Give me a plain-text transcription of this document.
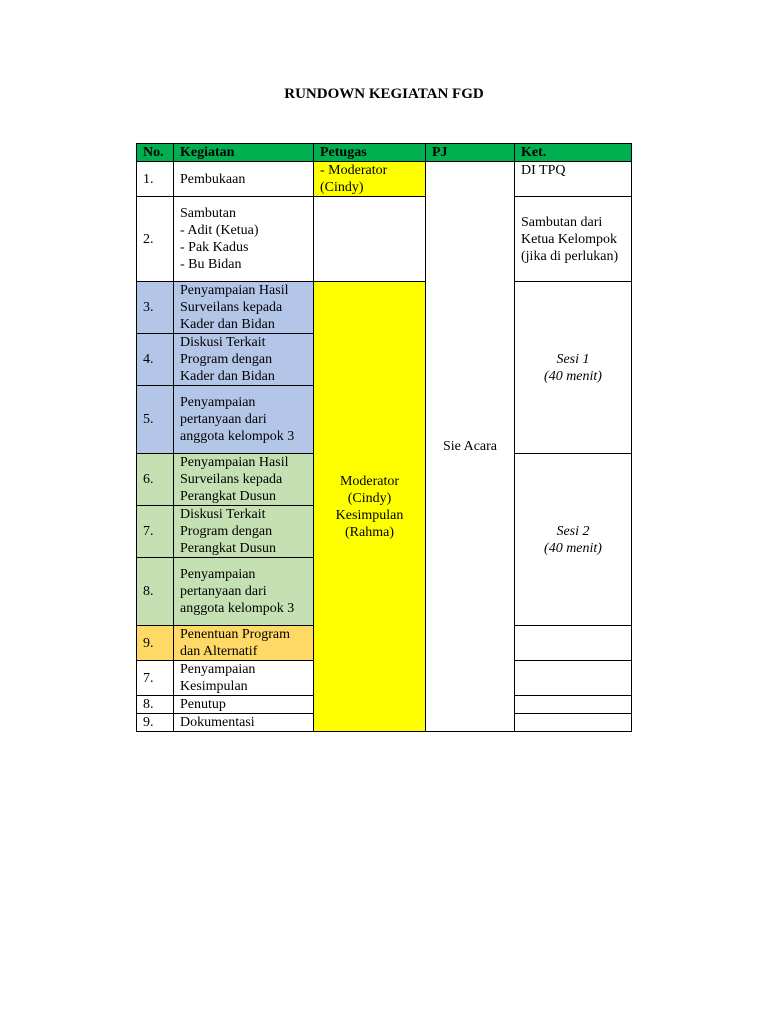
RUNDOWN KEGIATAN FGD
No.	Kegiatan	Petugas	PJ	Ket.
1.	Pembukaan	- Moderator (Cindy)	Sie Acara	DI TPQ
2.	Sambutan
- Adit (Ketua)
- Pak Kadus
- Bu Bidan			Sambutan dari Ketua Kelompok (jika di perlukan)
3.	Penyampaian Hasil Surveilans kepada Kader dan Bidan	Moderator
(Cindy)
Kesimpulan
(Rahma)		Sesi 1
(40 menit)
4.	Diskusi Terkait Program dengan Kader dan Bidan			
5.	Penyampaian pertanyaan dari anggota kelompok 3			
6.	Penyampaian Hasil Surveilans kepada Perangkat Dusun			Sesi 2
(40 menit)
7.	Diskusi Terkait Program dengan Perangkat Dusun			
8.	Penyampaian pertanyaan dari anggota kelompok 3			
9.	Penentuan Program dan Alternatif			
7.	Penyampaian Kesimpulan			
8.	Penutup			
9.	Dokumentasi			
